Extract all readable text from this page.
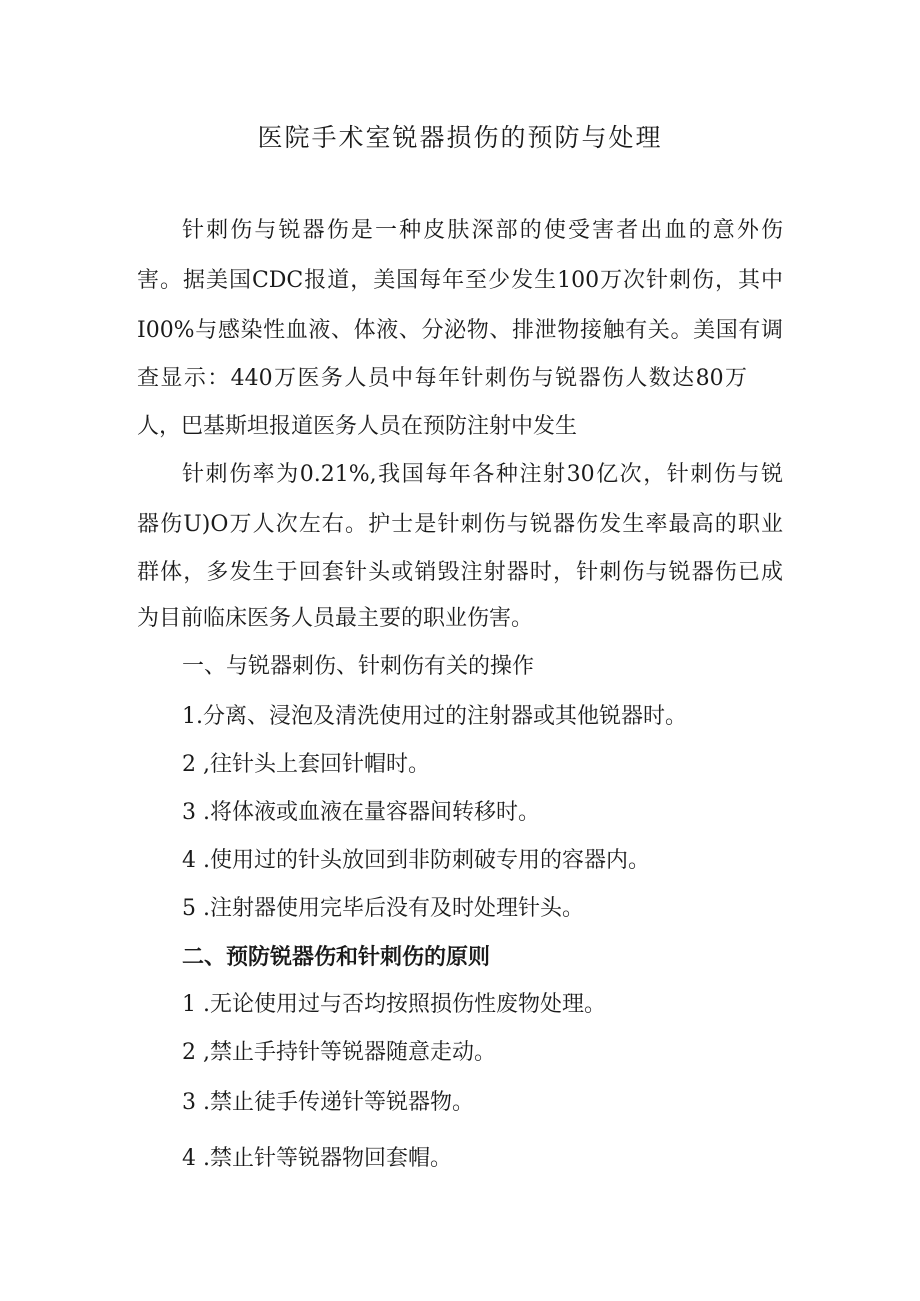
医院手术室锐器损伤的预防与处理
针刺伤与锐器伤是一种皮肤深部的使受害者出血的意外伤
害。据美国CDC报道，美国每年至少发生100万次针刺伤，其中
I00%与感染性血液、体液、分泌物、排泄物接触有关。美国有调
查显示：440万医务人员中每年针刺伤与锐器伤人数达80万
人，巴基斯坦报道医务人员在预防注射中发生
针刺伤率为0.21%,我国每年各种注射30亿次，针刺伤与锐
器伤U)O万人次左右。护士是针刺伤与锐器伤发生率最高的职业
群体，多发生于回套针头或销毁注射器时，针刺伤与锐器伤已成
为目前临床医务人员最主要的职业伤害。
一、与锐器刺伤、针刺伤有关的操作
1.分离、浸泡及清洗使用过的注射器或其他锐器时。
2 ,往针头上套回针帽时。
3 .将体液或血液在量容器间转移时。
4 .使用过的针头放回到非防刺破专用的容器内。
5 .注射器使用完毕后没有及时处理针头。
二、预防锐器伤和针刺伤的原则
1 .无论使用过与否均按照损伤性废物处理。
2 ,禁止手持针等锐器随意走动。
3 .禁止徒手传递针等锐器物。
4 .禁止针等锐器物回套帽。
